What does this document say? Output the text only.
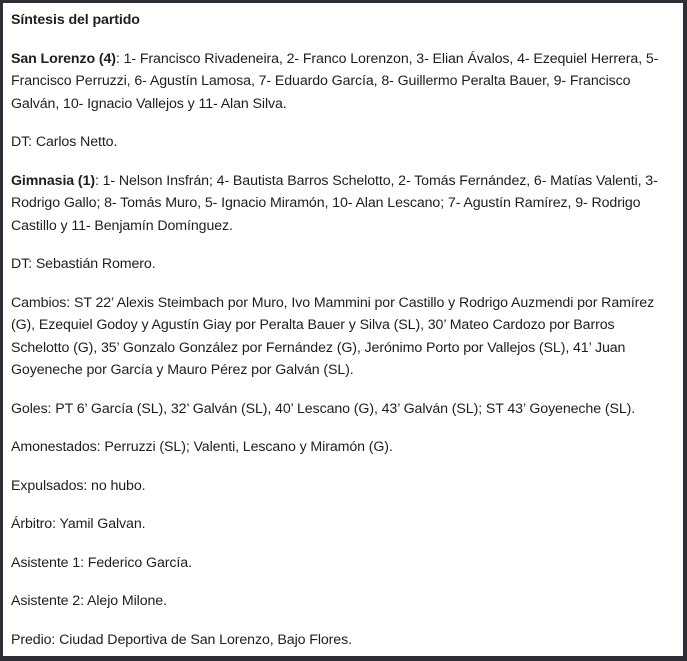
Síntesis del partido

San Lorenzo (4): 1- Francisco Rivadeneira, 2- Franco Lorenzon, 3- Elian Ávalos, 4- Ezequiel Herrera, 5- Francisco Perruzzi, 6- Agustín Lamosa, 7- Eduardo García, 8- Guillermo Peralta Bauer, 9- Francisco Galván, 10- Ignacio Vallejos y 11- Alan Silva.

DT: Carlos Netto.

Gimnasia (1): 1- Nelson Insfrán; 4- Bautista Barros Schelotto, 2- Tomás Fernández, 6- Matías Valenti, 3- Rodrigo Gallo; 8- Tomás Muro, 5- Ignacio Miramón, 10- Alan Lescano; 7- Agustín Ramírez, 9- Rodrigo Castillo y 11- Benjamín Domínguez.

DT: Sebastián Romero.

Cambios: ST 22’ Alexis Steimbach por Muro, Ivo Mammini por Castillo y Rodrigo Auzmendi por Ramírez (G), Ezequiel Godoy y Agustín Giay por Peralta Bauer y Silva (SL), 30’ Mateo Cardozo por Barros Schelotto (G), 35’ Gonzalo González por Fernández (G), Jerónimo Porto por Vallejos (SL), 41’ Juan Goyeneche por García y Mauro Pérez por Galván (SL).

Goles: PT 6’ García (SL), 32’ Galván (SL), 40’ Lescano (G), 43’ Galván (SL); ST 43’ Goyeneche (SL).

Amonestados: Perruzzi (SL); Valenti, Lescano y Miramón (G).

Expulsados: no hubo.

Árbitro: Yamil Galvan.

Asistente 1: Federico García.

Asistente 2: Alejo Milone.

Predio: Ciudad Deportiva de San Lorenzo, Bajo Flores.
